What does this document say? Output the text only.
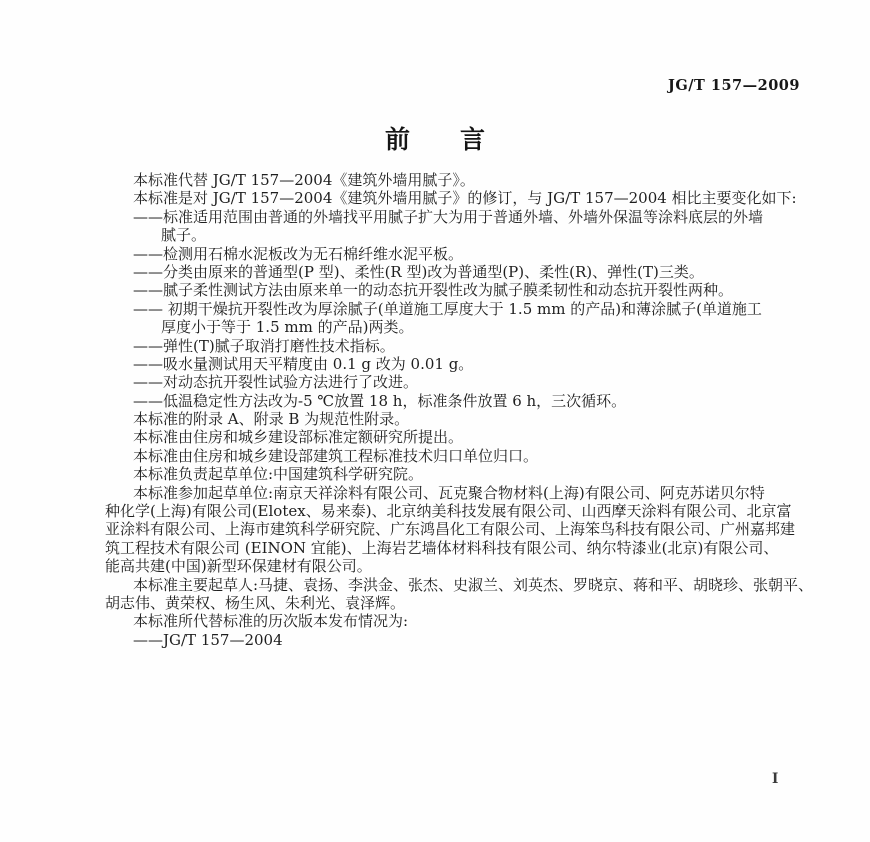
JG/T 157—2009
前　　言
本标准代替 JG/T 157—2004《建筑外墙用腻子》。
本标准是对 JG/T 157—2004《建筑外墙用腻子》的修订，与 JG/T 157—2004 相比主要变化如下:
——标准适用范围由普通的外墙找平用腻子扩大为用于普通外墙、外墙外保温等涂料底层的外墙
腻子。
——检测用石棉水泥板改为无石棉纤维水泥平板。
——分类由原来的普通型(P 型)、柔性(R 型)改为普通型(P)、柔性(R)、弹性(T)三类。
——腻子柔性测试方法由原来单一的动态抗开裂性改为腻子膜柔韧性和动态抗开裂性两种。
—— 初期干燥抗开裂性改为厚涂腻子(单道施工厚度大于 1.5 mm 的产品)和薄涂腻子(单道施工
厚度小于等于 1.5 mm 的产品)两类。
——弹性(T)腻子取消打磨性技术指标。
——吸水量测试用天平精度由 0.1 g 改为 0.01 g。
——对动态抗开裂性试验方法进行了改进。
——低温稳定性方法改为-5 ℃放置 18 h，标准条件放置 6 h，三次循环。
本标准的附录 A、附录 B 为规范性附录。
本标准由住房和城乡建设部标准定额研究所提出。
本标准由住房和城乡建设部建筑工程标准技术归口单位归口。
本标准负责起草单位:中国建筑科学研究院。
本标准参加起草单位:南京天祥涂料有限公司、瓦克聚合物材料(上海)有限公司、阿克苏诺贝尔特
种化学(上海)有限公司(Elotex、易来泰)、北京纳美科技发展有限公司、山西摩天涂料有限公司、北京富
亚涂料有限公司、上海市建筑科学研究院、广东鸿昌化工有限公司、上海笨鸟科技有限公司、广州嘉邦建
筑工程技术有限公司 (EINON 宜能)、上海岩艺墙体材料科技有限公司、纳尔特漆业(北京)有限公司、
能高共建(中国)新型环保建材有限公司。
本标准主要起草人:马捷、袁扬、李洪金、张杰、史淑兰、刘英杰、罗晓京、蒋和平、胡晓珍、张朝平、
胡志伟、黄荣权、杨生风、朱利光、袁泽辉。
本标准所代替标准的历次版本发布情况为:
——JG/T 157—2004
I
